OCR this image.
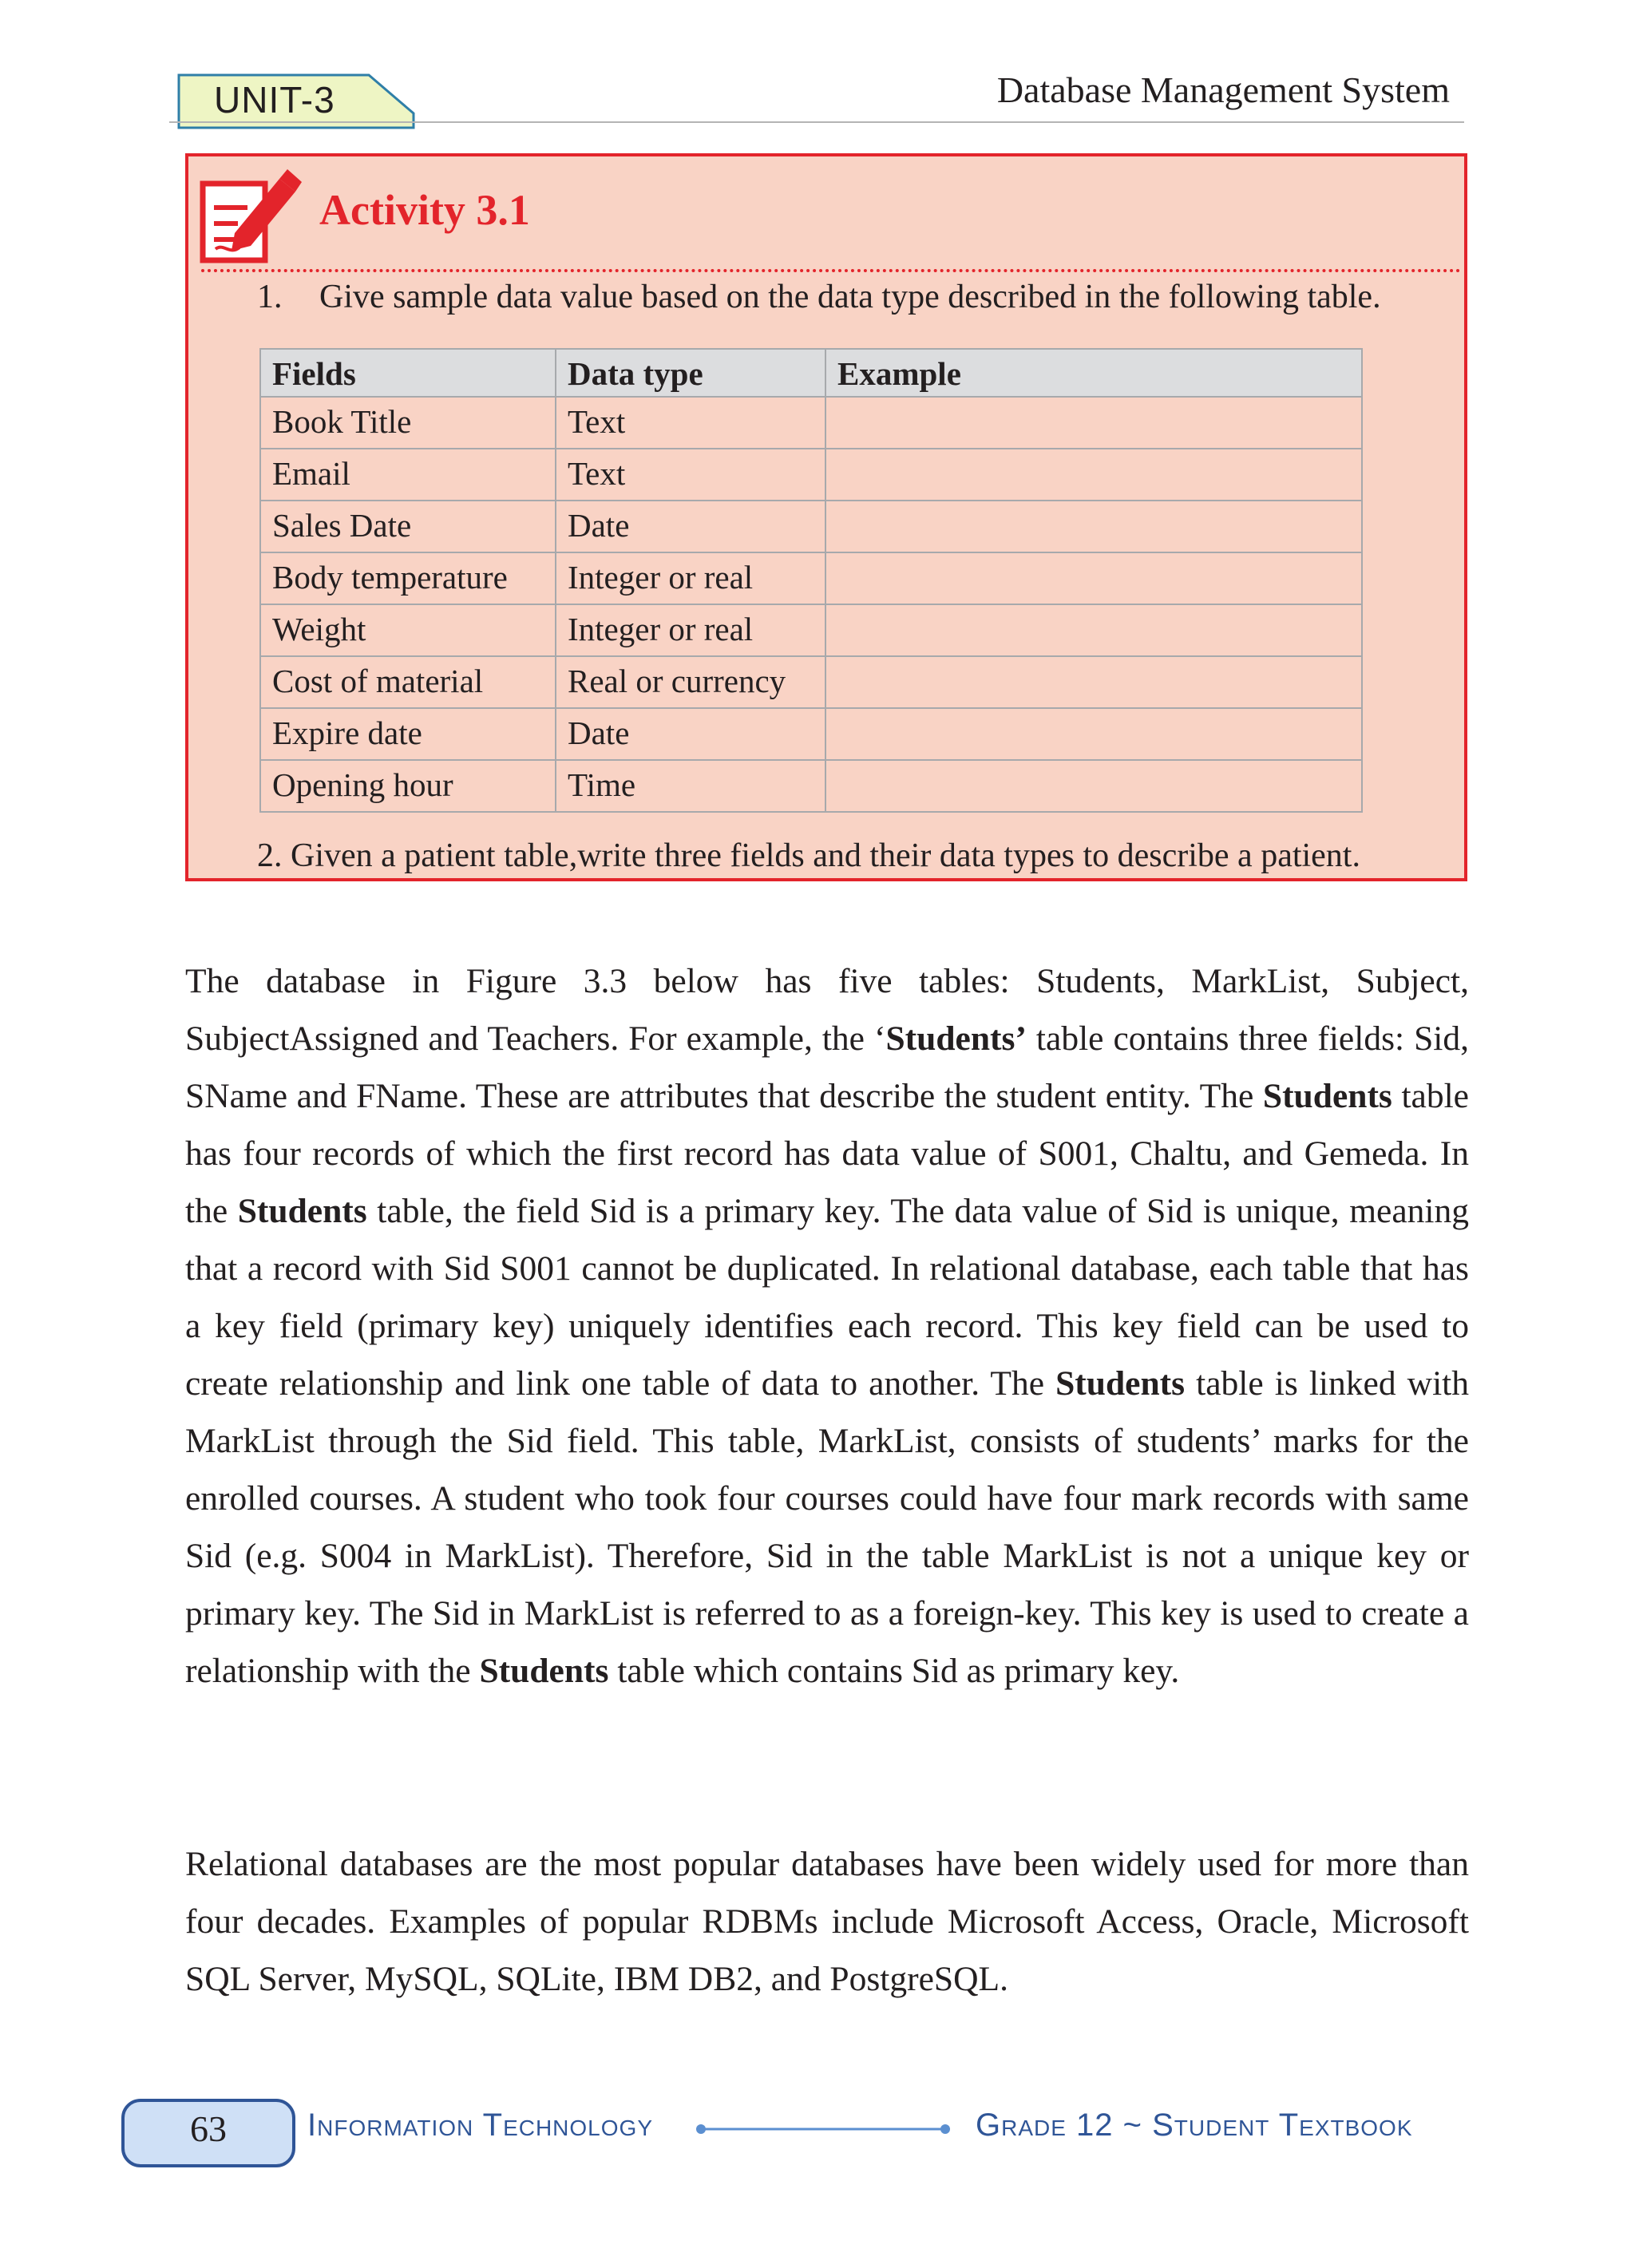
UNIT-3	Database Management System
Activity 3.1
1. Give sample data value based on the data type described in the following table.
Fields	Data type	Example
Book Title	Text	
Email	Text	
Sales Date	Date	
Body temperature	Integer or real	
Weight	Integer or real	
Cost of material	Real or currency	
Expire date	Date	
Opening hour	Time	
2. Given a patient table,write three fields and their data types to describe a patient.

The database in Figure 3.3 below has five tables: Students, MarkList, Subject, SubjectAssigned and Teachers. For example, the ‘Students’ table contains three fields: Sid, SName and FName. These are attributes that describe the student entity. The Students table has four records of which the first record has data value of S001, Chaltu, and Gemeda. In the Students table, the field Sid is a primary key. The data value of Sid is unique, meaning that a record with Sid S001 cannot be duplicated. In relational database, each table that has a key field (primary key) uniquely identifies each record. This key field can be used to create relationship and link one table of data to another. The Students table is linked with MarkList through the Sid field. This table, MarkList, consists of students’ marks for the enrolled courses. A student who took four courses could have four mark records with same Sid (e.g. S004 in MarkList). Therefore, Sid in the table MarkList is not a unique key or primary key. The Sid in MarkList is referred to as a foreign-key. This key is used to create a relationship with the Students table which contains Sid as primary key.

Relational databases are the most popular databases have been widely used for more than four decades. Examples of popular RDBMs include Microsoft Access, Oracle, Microsoft SQL Server, MySQL, SQLite, IBM DB2, and PostgreSQL.

63	Information Technology	Grade 12 ~ Student Textbook
